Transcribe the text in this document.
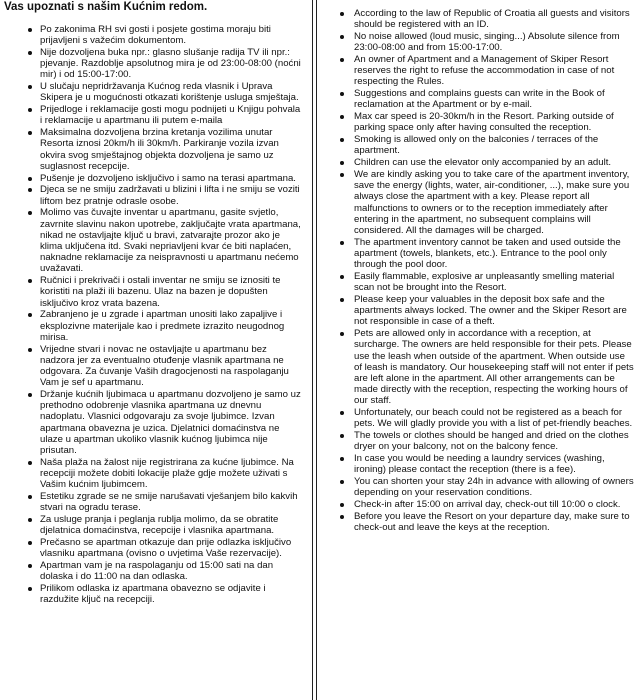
Vas upoznati s našim Kućnim redom.
Po zakonima RH svi gosti i posjete gostima moraju biti prijavljeni s važećim dokumentom.
Nije dozvoljena buka npr.: glasno slušanje radija TV ili npr.: pjevanje. Razdoblje apsolutnog mira je od 23:00-08:00 (noćni mir) i od 15:00-17:00.
U slučaju nepridržavanja Kućnog reda vlasnik i Uprava Skipera je u mogućnosti otkazati korištenje usluga smještaja.
Prijedloge i reklamacije gosti mogu podnijeti u Knjigu pohvala i reklamacije u apartmanu ili putem e-maila
Maksimalna dozvoljena brzina kretanja vozilima unutar Resorta iznosi 20km/h ili 30km/h. Parkiranje vozila izvan okvira svog smještajnog objekta dozvoljena je samo uz suglasnost recepcije.
Pušenje je dozvoljeno isključivo i samo na terasi apartmana.
Djeca se ne smiju zadržavati u blizini i lifta i ne smiju se voziti liftom bez pratnje odrasle osobe.
Molimo vas čuvajte inventar u apartmanu, gasite svjetlo, zavrnite slavinu nakon upotrebe, zaključajte vrata apartmana, nikad ne ostavljajte ključ u bravi, zatvarajte prozor ako je klima uključena itd. Svaki nepriavljeni kvar će biti naplaćen, naknadne reklamacije za neispravnosti u apartmanu nećemo uvažavati.
Ručnici i prekrivači i ostali inventar ne smiju se iznositi te koristiti na plaži ili bazenu. Ulaz na bazen je dopušten isključivo kroz vrata bazena.
Zabranjeno je u zgrade i apartman unositi lako zapaljive i eksplozivne materijale kao i predmete izrazito neugodnog mirisa.
Vrijedne stvari i novac ne ostavljajte u apartmanu bez nadzora jer za eventualno otuđenje vlasnik apartmana ne odgovara. Za čuvanje Vaših dragocjenosti na raspolaganju Vam je sef u apartmanu.
Držanje kućnih ljubimaca u apartmanu dozvoljeno je samo uz prethodno odobrenje vlasnika apartmana uz dnevnu nadoplatu. Vlasnici odgovaraju za svoje ljubimce. Izvan apartmana obavezna je uzica. Djelatnici domaćinstva ne ulaze u apartman ukoliko vlasnik kućnog ljubimca nije prisutan.
Naša plaža na žalost nije registrirana za kućne ljubimce. Na recepciji možete dobiti lokacije plaže gdje možete uživati s Vašim kućnim ljubimcem.
Estetiku zgrade se ne smije narušavati vješanjem bilo kakvih stvari na ogradu terase.
Za usluge pranja i peglanja rublja molimo, da se obratite djelatnica domaćinstva, recepcije i vlasnika apartmana.
Prečasno se apartman otkazuje dan prije odlazka isključivo vlasniku apartmana (ovisno o uvjetima Vaše rezervacije).
Apartman vam je na raspolaganju od 15:00 sati na dan dolaska i do 11:00 na dan odlaska.
Prilikom odlaska iz apartmana obavezno se odjavite i razdužite ključ na recepciji.
According to the law of Republic of Croatia all guests and visitors should be registered with an ID.
No noise allowed (loud music, singing...) Absolute silence from 23:00-08:00 and from 15:00-17:00.
An owner of Apartment and a Management of Skiper Resort reserves the right to refuse the accommodation in case of not respecting the Rules.
Suggestions and complains guests can write in the Book of reclamation at the Apartment or by e-mail.
Max car speed is 20-30km/h in the Resort. Parking outside of parking space only after having consulted the reception.
Smoking is allowed only on the balconies / terraces of the apartment.
Children can use the elevator only accompanied by an adult.
We are kindly asking you to take care of the apartment inventory, save the energy (lights, water, air-conditioner, ...), make sure you always close the apartment with a key. Please report all malfunctions to owners or to the reception immediately after entering in the apartment, no subsequent complains will considered. All the damages will be charged.
The apartment inventory cannot be taken and used outside the apartment (towels, blankets, etc.). Entrance to the pool only through the pool door.
Easily flammable, explosive ar unpleasantly smelling material scan not be brought into the Resort.
Please keep your valuables in the deposit box safe and the apartments always locked. The owner and the Skiper Resort are not responsible in case of a theft.
Pets are allowed only in accordance with a reception, at surcharge. The owners are held responsible for their pets. Please use the leash when outside of the apartment. When outside use of leash is mandatory. Our housekeeping staff will not enter if pets are left alone in the apartment. All other arrangements can be made directly with the reception, respecting the working hours of our staff.
Unfortunately, our beach could not be registered as a beach for pets. We will gladly provide you with a list of pet-friendly beaches.
The towels or clothes should be hanged and dried on the clothes dryer on your balcony, not on the balcony fence.
In case you would be needing a laundry services (washing, ironing) please contact the reception (there is a fee).
You can shorten your stay 24h in advance with allowing of owners depending on your reservation conditions.
Check-in after 15:00 on arrival day, check-out till 10:00 o clock.
Before you leave the Resort on your departure day, make sure to check-out and leave the keys at the reception.
